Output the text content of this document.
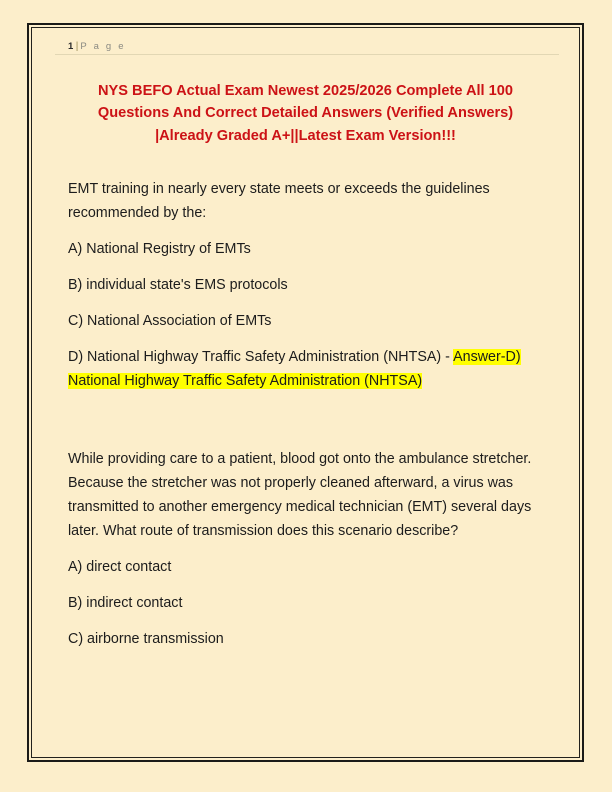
1 | P a g e
NYS BEFO Actual Exam Newest 2025/2026 Complete All 100 Questions And Correct Detailed Answers (Verified Answers) |Already Graded A+||Latest Exam Version!!!

EMT training in nearly every state meets or exceeds the guidelines recommended by the:

A) National Registry of EMTs

B) individual state's EMS protocols

C) National Association of EMTs

D) National Highway Traffic Safety Administration (NHTSA) - Answer-D) National Highway Traffic Safety Administration (NHTSA)

While providing care to a patient, blood got onto the ambulance stretcher. Because the stretcher was not properly cleaned afterward, a virus was transmitted to another emergency medical technician (EMT) several days later. What route of transmission does this scenario describe?

A) direct contact

B) indirect contact

C) airborne transmission
